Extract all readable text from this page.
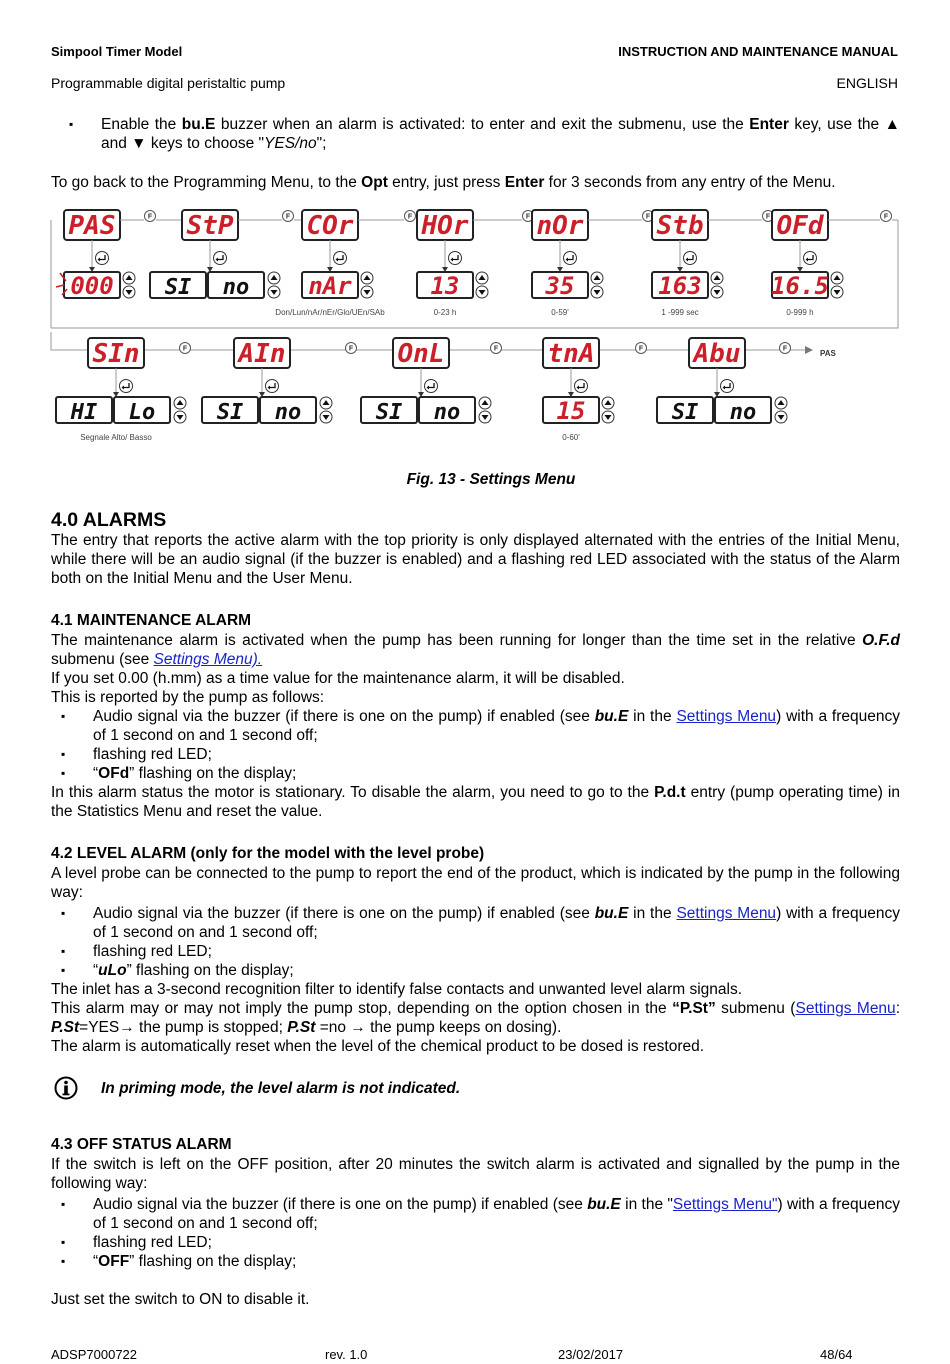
Simpool Timer Model	INSTRUCTION AND MAINTENANCE MANUAL
Programmable digital peristaltic pump	ENGLISH
▪ Enable the bu.E buzzer when an alarm is activated: to enter and exit the submenu, use the Enter key, use the ▲ and ▼ keys to choose "YES/no";
To go back to the Programming Menu, to the Opt entry, just press Enter for 3 seconds from any entry of the Menu.
PAS
000
F StP
SI no
F COr
nAr
Don/Lun/nAr/nEr/Glo/UEn/SAb
F HOr
13
0-23 h
F nOr
35
0-59'
F Stb
163
1 -999 sec
F OFd
16.5
0-999 h
F
SIn
HI Lo
Segnale Alto/ Basso
F AIn
SI no
F OnL
SI no
F tnA
15
0-60'
F Abu
SI no
F	PAS
Fig. 13 - Settings Menu
4.0 ALARMS
The entry that reports the active alarm with the top priority is only displayed alternated with the entries of the Initial Menu, while there will be an audio signal (if the buzzer is enabled) and a flashing red LED associated with the status of the Alarm both on the Initial Menu and the User Menu.
4.1 MAINTENANCE ALARM
The maintenance alarm is activated when the pump has been running for longer than the time set in the relative O.F.d submenu (see Settings Menu).
If you set 0.00 (h.mm) as a time value for the maintenance alarm, it will be disabled.
This is reported by the pump as follows:
▪ Audio signal via the buzzer (if there is one on the pump) if enabled (see bu.E in the Settings Menu) with a frequency of 1 second on and 1 second off;
▪ flashing red LED;
▪ “OFd” flashing on the display;
In this alarm status the motor is stationary. To disable the alarm, you need to go to the P.d.t entry (pump operating time) in the Statistics Menu and reset the value.
4.2 LEVEL ALARM (only for the model with the level probe)
A level probe can be connected to the pump to report the end of the product, which is indicated by the pump in the following way:
▪ Audio signal via the buzzer (if there is one on the pump) if enabled (see bu.E in the Settings Menu) with a frequency of 1 second on and 1 second off;
▪ flashing red LED;
▪ “uLo” flashing on the display;
The inlet has a 3-second recognition filter to identify false contacts and unwanted level alarm signals.
This alarm may or may not imply the pump stop, depending on the option chosen in the “P.St” submenu (Settings Menu: P.St=YES→ the pump is stopped; P.St =no → the pump keeps on dosing).
The alarm is automatically reset when the level of the chemical product to be dosed is restored.
In priming mode, the level alarm is not indicated.
4.3 OFF STATUS ALARM
If the switch is left on the OFF position, after 20 minutes the switch alarm is activated and signalled by the pump in the following way:
▪ Audio signal via the buzzer (if there is one on the pump) if enabled (see bu.E in the "Settings Menu") with a frequency of 1 second on and 1 second off;
▪ flashing red LED;
▪ “OFF” flashing on the display;
Just set the switch to ON to disable it.
ADSP7000722	rev. 1.0	23/02/2017	48/64
